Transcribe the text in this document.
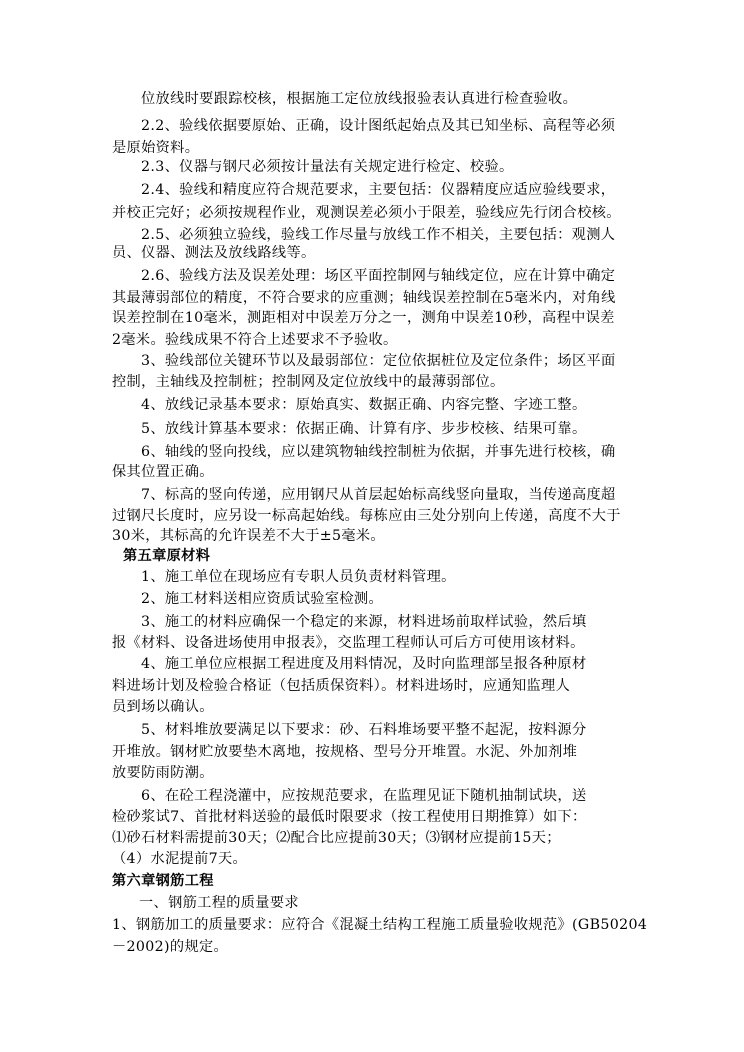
位放线时要跟踪校核，根据施工定位放线报验表认真进行检查验收。
2.2、验线依据要原始、正确，设计图纸起始点及其已知坐标、高程等必须
是原始资料。
2.3、仪器与钢尺必须按计量法有关规定进行检定、校验。
2.4、验线和精度应符合规范要求，主要包括：仪器精度应适应验线要求，
并校正完好；必须按规程作业，观测误差必须小于限差，验线应先行闭合校核。
2.5、必须独立验线，验线工作尽量与放线工作不相关，主要包括：观测人
员、仪器、测法及放线路线等。
2.6、验线方法及误差处理：场区平面控制网与轴线定位，应在计算中确定
其最薄弱部位的精度，不符合要求的应重测；轴线误差控制在5毫米内，对角线
误差控制在10毫米，测距相对中误差万分之一，测角中误差10秒，高程中误差
2毫米。验线成果不符合上述要求不予验收。
3、验线部位关键环节以及最弱部位：定位依据桩位及定位条件；场区平面
控制，主轴线及控制桩；控制网及定位放线中的最薄弱部位。
4、放线记录基本要求：原始真实、数据正确、内容完整、字迹工整。
5、放线计算基本要求：依据正确、计算有序、步步校核、结果可靠。
6、轴线的竖向投线，应以建筑物轴线控制桩为依据，并事先进行校核，确
保其位置正确。
7、标高的竖向传递，应用钢尺从首层起始标高线竖向量取，当传递高度超
过钢尺长度时，应另设一标高起始线。每栋应由三处分别向上传递，高度不大于
30米，其标高的允许误差不大于±5毫米。
第五章原材料
1、施工单位在现场应有专职人员负责材料管理。
2、施工材料送相应资质试验室检测。
3、施工的材料应确保一个稳定的来源，材料进场前取样试验，然后填
报《材料、设备进场使用申报表》，交监理工程师认可后方可使用该材料。
4、施工单位应根据工程进度及用料情况，及时向监理部呈报各种原材
料进场计划及检验合格证（包括质保资料）。材料进场时，应通知监理人
员到场以确认。
5、材料堆放要满足以下要求：砂、石料堆场要平整不起泥，按料源分
开堆放。钢材贮放要垫木离地，按规格、型号分开堆置。水泥、外加剂堆
放要防雨防潮。
6、在砼工程浇灌中，应按规范要求，在监理见证下随机抽制试块，送
检砂浆试7、首批材料送验的最低时限要求（按工程使用日期推算）如下：
⑴砂石材料需提前30天；⑵配合比应提前30天；⑶钢材应提前15天；
（4）水泥提前7天。
第六章钢筋工程
一、钢筋工程的质量要求
1、钢筋加工的质量要求：应符合《混凝土结构工程施工质量验收规范》(GB50204
－2002)的规定。
